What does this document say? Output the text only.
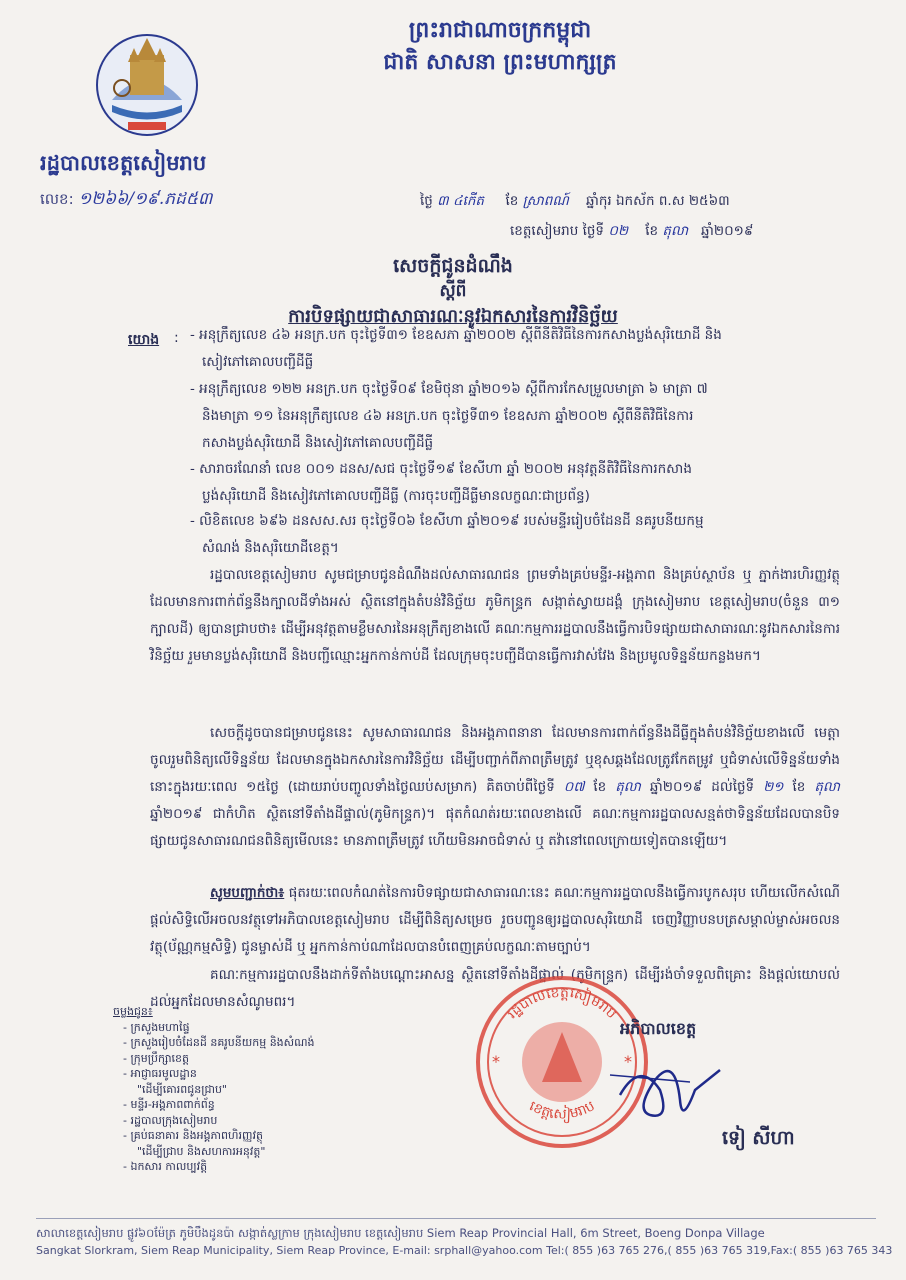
ព្រះរាជាណាចក្រកម្ពុជា
ជាតិ សាសនា ព្រះមហាក្សត្រ
រដ្ឋបាលខេត្តសៀមរាប
លេខ: ១២៦៦/១៩.ភដ៥៣	ថ្ងៃ ៣ ៤កើត ខែ ស្រាពណ៍ ឆ្នាំកុរ ឯកស័ក ព.ស ២៥៦៣
ខេត្តសៀមរាប ថ្ងៃទី ០២ ខែ តុលា ឆ្នាំ២០១៩
សេចក្តីជូនដំណឹង
ស្តីពី
ការបិទផ្សាយជាសាធារណៈនូវឯកសារនៃការវិនិច្ឆ័យ
យោង : - អនុក្រឹត្យលេខ ៤៦ អនក្រ.បក ចុះថ្ងៃទី៣១ ខែឧសភា ឆ្នាំ២០០២ ស្តីពីនីតិវិធីនៃការកសាងប្លង់សុរិយោដី និង
សៀវភៅគោលបញ្ជីដីធ្លី
- អនុក្រឹត្យលេខ ១២២ អនក្រ.បក ចុះថ្ងៃទី០៩ ខែមិថុនា ឆ្នាំ២០១៦ ស្តីពីការកែសម្រួលមាត្រា ៦ មាត្រា ៧
និងមាត្រា ១១ នៃអនុក្រឹត្យលេខ ៤៦ អនក្រ.បក ចុះថ្ងៃទី៣១ ខែឧសភា ឆ្នាំ២០០២ ស្តីពីនីតិវិធីនៃការ
កសាងប្លង់សុរិយោដី និងសៀវភៅគោលបញ្ជីដីធ្លី
- សារាចរណែនាំ លេខ ០០១ ដនស/សជ ចុះថ្ងៃទី១៩ ខែសីហា ឆ្នាំ ២០០២ អនុវត្តនីតិវិធីនៃការកសាង
ប្លង់សុរិយោដី និងសៀវភៅគោលបញ្ជីដីធ្លី (ការចុះបញ្ជីដីធ្លីមានលក្ខណៈជាប្រព័ន្ធ)
- លិខិតលេខ ៦៩៦ ដនសស.សរ ចុះថ្ងៃទី០៦ ខែសីហា ឆ្នាំ២០១៩ របស់មន្ទីររៀបចំដែនដី នគរូបនីយកម្ម
សំណង់ និងសុរិយោដីខេត្ត។
រដ្ឋបាលខេត្តសៀមរាប សូមជម្រាបជូនដំណឹងដល់សាធារណជន ព្រមទាំងគ្រប់មន្ទីរ-អង្គភាព និងគ្រប់ស្ថាប័ន ឬ ភ្នាក់ងារហិរញ្ញវត្ថុ ដែលមានការពាក់ព័ន្ធនឹងក្បាលដីទាំងអស់ ស្ថិតនៅក្នុងតំបន់វិនិច្ឆ័យ ភូមិកន្ទ្រក សង្កាត់ស្វាយដង្គំ ក្រុងសៀមរាប ខេត្តសៀមរាប(ចំនួន ៣១ ក្បាលដី) ឲ្យបានជ្រាបថា៖ ដើម្បីអនុវត្តតាមខ្លឹមសារនៃអនុក្រឹត្យខាងលើ គណៈកម្មការរដ្ឋបាលនឹងធ្វើការបិទផ្សាយជាសាធារណៈនូវឯកសារនៃការវិនិច្ឆ័យ រួមមានប្លង់សុរិយោដី និងបញ្ជីឈ្មោះអ្នកកាន់កាប់ដី ដែលក្រុមចុះបញ្ជីដីបានធ្វើការវាស់វែង និងប្រមូលទិន្នន័យកន្លងមក។
សេចក្តីដូចបានជម្រាបជូននេះ សូមសាធារណជន និងអង្គភាពនានា ដែលមានការពាក់ព័ន្ធនឹងដីធ្លីក្នុងតំបន់វិនិច្ឆ័យខាងលើ មេត្តាចូលរួមពិនិត្យលើទិន្នន័យ ដែលមានក្នុងឯកសារនៃការវិនិច្ឆ័យ ដើម្បីបញ្ជាក់ពីភាពត្រឹមត្រូវ ឬខុសឆ្គងដែលត្រូវកែតម្រូវ ឬជំទាស់លើទិន្នន័យទាំងនោះក្នុងរយៈពេល ១៥ថ្ងៃ (ដោយរាប់បញ្ចូលទាំងថ្ងៃឈប់សម្រាក) គិតចាប់ពីថ្ងៃទី ០៧ ខែ តុលា ឆ្នាំ២០១៩ ដល់ថ្ងៃទី ២១ ខែ តុលា ឆ្នាំ២០១៩ ជាកំហិត ស្ថិតនៅទីតាំងដីផ្ទាល់(ភូមិកន្ទ្រក)។ ផុតកំណត់រយៈពេលខាងលើ គណៈកម្មការរដ្ឋបាលសន្មត់ថាទិន្នន័យដែលបានបិទផ្សាយជូនសាធារណជនពិនិត្យមើលនេះ មានភាពត្រឹមត្រូវ ហើយមិនអាចជំទាស់ ឬ តវ៉ានៅពេលក្រោយទៀតបានឡើយ។
សូមបញ្ជាក់ថា៖ ផុតរយៈពេលកំណត់នៃការបិទផ្សាយជាសាធារណៈនេះ គណៈកម្មការរដ្ឋបាលនឹងធ្វើការបូកសរុប ហើយលើកសំណើផ្តល់សិទ្ធិលើអចលនវត្ថុទៅអភិបាលខេត្តសៀមរាប ដើម្បីពិនិត្យសម្រេច រួចបញ្ជូនឲ្យរដ្ឋបាលសុរិយោដី ចេញវិញ្ញាបនបត្រសម្គាល់ម្ចាស់អចលនវត្ថុ(ប័ណ្ណកម្មសិទ្ធិ) ជូនម្ចាស់ដី ឬ អ្នកកាន់កាប់ណាដែលបានបំពេញគ្រប់លក្ខណៈតាមច្បាប់។
គណៈកម្មការរដ្ឋបាលនឹងដាក់ទីតាំងបណ្តោះអាសន្ន ស្ថិតនៅទីតាំងដីផ្ទាល់ (ភូមិកន្ទ្រក) ដើម្បីរង់ចាំទទួលពិគ្រោះ និងផ្តល់យោបល់ដល់អ្នកដែលមានសំណូមពរ។
ចម្លងជូន៖
- ក្រសួងមហាផ្ទៃ
- ក្រសួងរៀបចំដែនដី នគរូបនីយកម្ម និងសំណង់
- ក្រុមប្រឹក្សាខេត្ត
- អាជ្ញាធរមូលដ្ឋាន
"ដើម្បីគោរពជូនជ្រាប"
- មន្ទីរ-អង្គភាពពាក់ព័ន្ធ
- រដ្ឋបាលក្រុងសៀមរាប
- គ្រប់ធនាគារ និងអង្គភាពហិរញ្ញវត្ថុ
"ដើម្បីជ្រាប និងសហការអនុវត្ត"
- ឯកសារ កាលប្បវត្តិ
រដ្ឋបាលខេត្តសៀមរាប
ខេត្តសៀមរាប
*	*
អភិបាលខេត្ត
ទៀ សីហា
សាលាខេត្តសៀមរាប ផ្លូវ៦០ម៉ែត្រ ភូមិបឹងដូនប៉ា សង្កាត់ស្លក្រាម ក្រុងសៀមរាប ខេត្តសៀមរាប Siem Reap Provincial Hall, 6m Street, Boeng Donpa Village
Sangkat Slorkram, Siem Reap Municipality, Siem Reap Province, E-mail: srphall@yahoo.com Tel:( 855 )63 765 276,( 855 )63 765 319,Fax:( 855 )63 765 343
